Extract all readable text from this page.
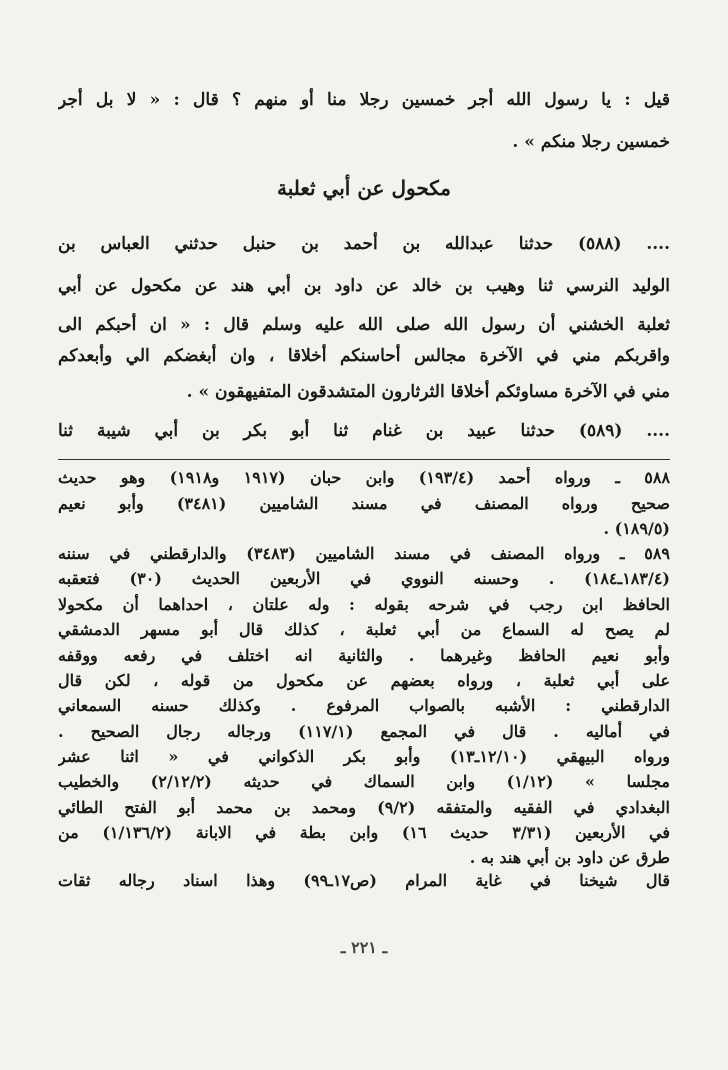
قيل : يا رسول الله أجر خمسين رجلا منا أو منهم ؟ قال : « لا بل أجر
خمسين رجلا منكم » .
مكحول عن أبي ثعلبة
.... (٥٨٨) حدثنا عبدالله بن أحمد بن حنبل حدثني العباس بن
الوليد النرسي ثنا وهيب بن خالد عن داود بن أبي هند عن مكحول عن أبي
ثعلبة الخشني أن رسول الله صلى الله عليه وسلم قال : « ان أحبكم الى
واقربكم مني في الآخرة مجالس أحاسنكم أخلاقا ، وان أبغضكم الي وأبعدكم
مني في الآخرة مساوئكم أخلاقا الثرثارون المتشدقون المتفيهقون » .
.... (٥٨٩) حدثنا عبيد بن غنام ثنا أبو بكر بن أبي شيبة ثنا
٥٨٨ ـ ورواه أحمد (١٩٣/٤) وابن حبان (١٩١٧ و١٩١٨) وهو حديث
صحيح ورواه المصنف في مسند الشاميين (٣٤٨١) وأبو نعيم
(١٨٩/٥) .
٥٨٩ ـ ورواه المصنف في مسند الشاميين (٣٤٨٣) والدارقطني في سننه
(١٨٣/٤ـ١٨٤) . وحسنه النووي في الأربعين الحديث (٣٠) فتعقبه
الحافظ ابن رجب في شرحه بقوله : وله علتان ، احداهما أن مكحولا
لم يصح له السماع من أبي ثعلبة ، كذلك قال أبو مسهر الدمشقي
وأبو نعيم الحافظ وغيرهما . والثانية انه اختلف في رفعه ووقفه
على أبي ثعلبة ، ورواه بعضهم عن مكحول من قوله ، لكن قال
الدارقطني : الأشبه بالصواب المرفوع . وكذلك حسنه السمعاني
في أماليه . قال في المجمع (١١٧/١) ورجاله رجال الصحيح .
ورواه البيهقي (١٢/١٠ـ١٣) وأبو بكر الذكواني في « اثنا عشر
مجلسا » (١/١٢) وابن السماك في حديثه (٢/١٢/٢) والخطيب
البغدادي في الفقيه والمتفقه (٩/٢) ومحمد بن محمد أبو الفتح الطائي
في الأربعين (٣/٣١ حديث ١٦) وابن بطة في الابانة (١/١٣٦/٢) من
طرق عن داود بن أبي هند به .
قال شيخنا في غاية المرام (ص١٧ـ٩٩) وهذا اسناد رجاله ثقات
ـ ٢٢١ ـ
